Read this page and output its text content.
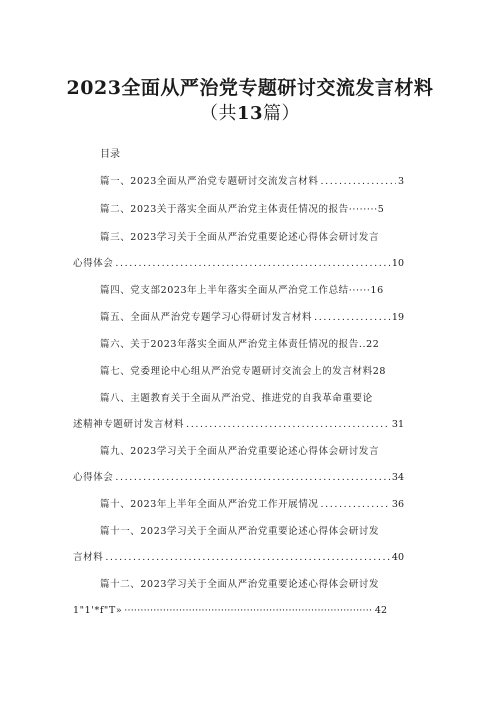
2023全面从严治党专题研讨交流发言材料
（共13篇）
目录
篇一、2023全面从严治党专题研讨交流发言材料 .....	3
篇二、2023关于落实全面从严治党主体责任情况的报告········5
篇三、2023学习关于全面从严治党重要论述心得体会研讨发言
心得体会 .....	10
篇四、党支部2023年上半年落实全面从严治党工作总结······16
篇五、全面从严治党专题学习心得研讨发言材料 .....	19
篇六、关于2023年落实全面从严治党主体责任情况的报告..22
篇七、党委理论中心组从严治党专题研讨交流会上的发言材料28
篇八、主题教育关于全面从严治党、推进党的自我革命重要论
述精神专题研讨发言材料 .....	31
篇九、2023学习关于全面从严治党重要论述心得体会研讨发言
心得体会 .....	34
篇十、2023年上半年全面从严治党工作开展情况 .....	36
篇十一、2023学习关于全面从严治党重要论述心得体会研讨发
言材料 .....	40
篇十二、2023学习关于全面从严治党重要论述心得体会研讨发
1"1'*f"T» ·····	42
